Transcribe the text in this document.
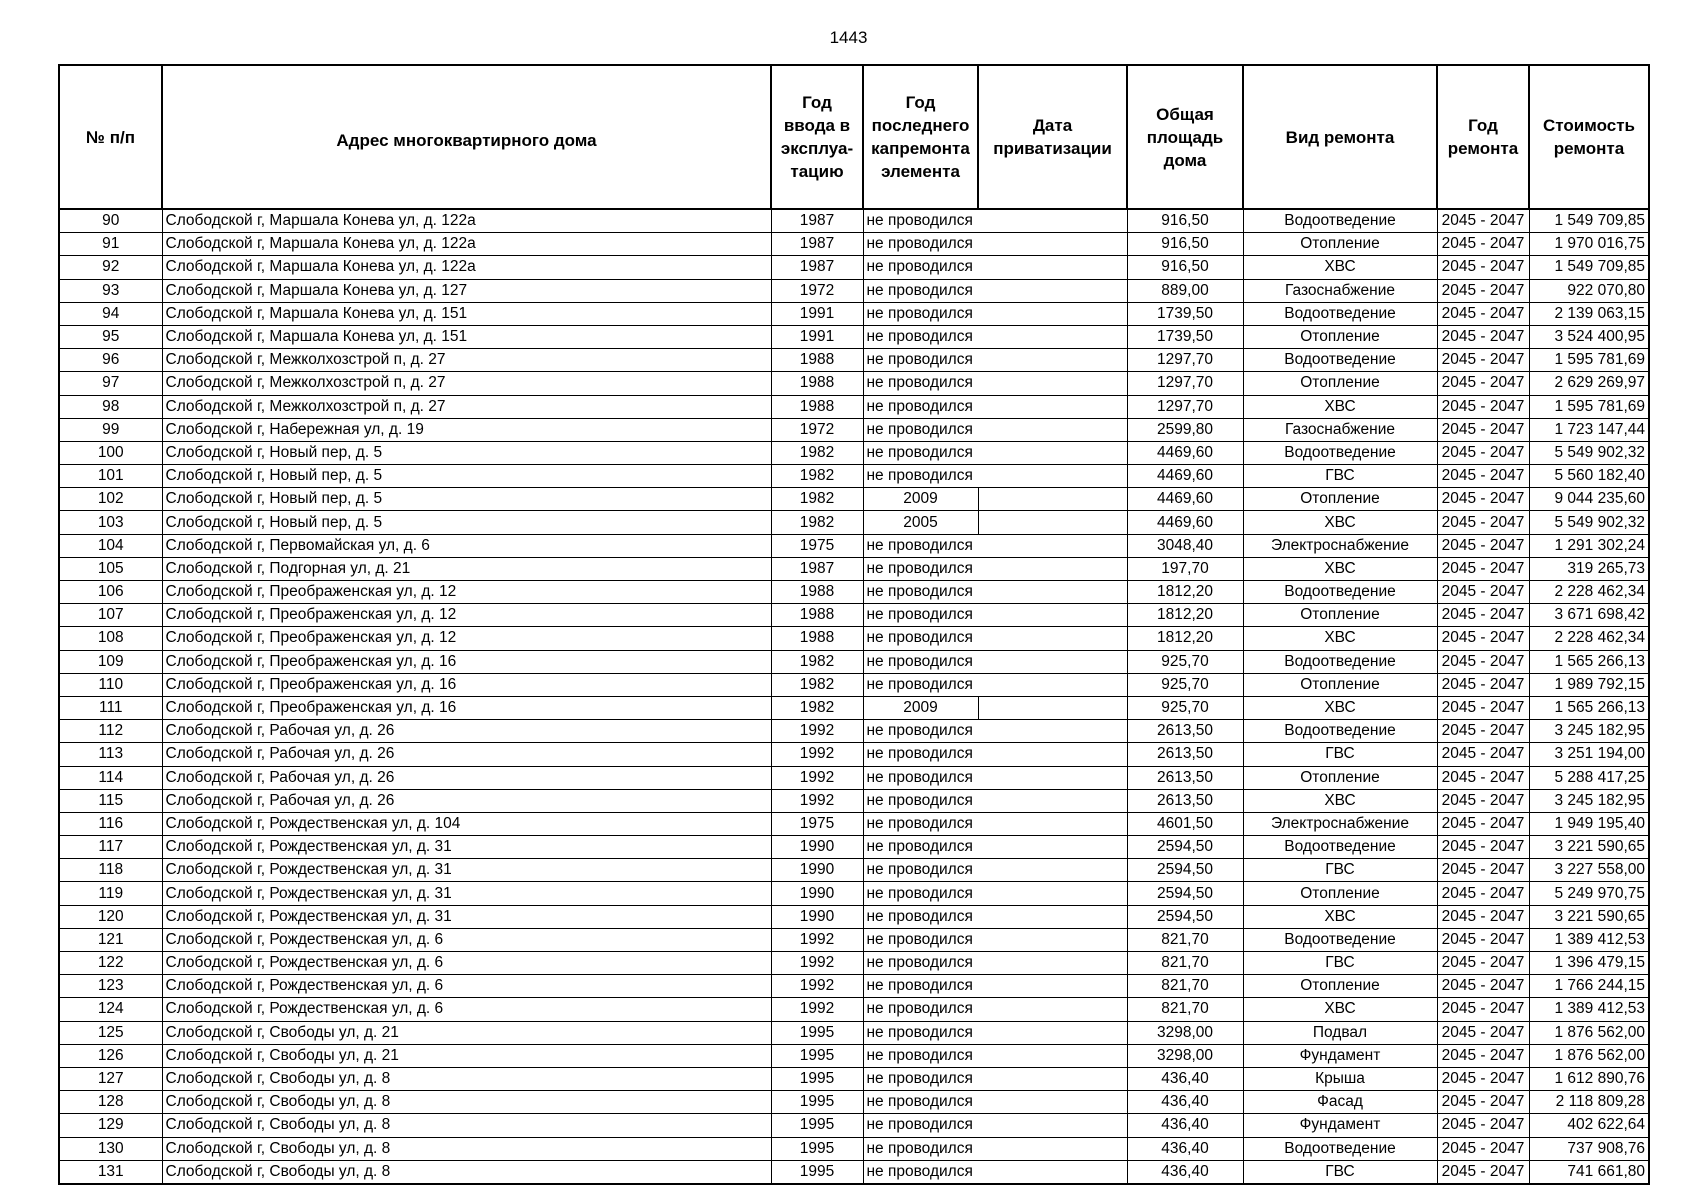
1443
№ п/п	Адрес многоквартирного дома	Год ввода в эксплуа-тацию	Год последнего капремонта элемента	Дата приватизации	Общая площадь дома	Вид ремонта	Год ремонта	Стоимость ремонта
90	Слободской г, Маршала Конева ул, д. 122а	1987	не проводился		916,50	Водоотведение	2045 - 2047	1 549 709,85
91	Слободской г, Маршала Конева ул, д. 122а	1987	не проводился		916,50	Отопление	2045 - 2047	1 970 016,75
92	Слободской г, Маршала Конева ул, д. 122а	1987	не проводился		916,50	ХВС	2045 - 2047	1 549 709,85
93	Слободской г, Маршала Конева ул, д. 127	1972	не проводился		889,00	Газоснабжение	2045 - 2047	922 070,80
94	Слободской г, Маршала Конева ул, д. 151	1991	не проводился		1739,50	Водоотведение	2045 - 2047	2 139 063,15
95	Слободской г, Маршала Конева ул, д. 151	1991	не проводился		1739,50	Отопление	2045 - 2047	3 524 400,95
96	Слободской г, Межколхозстрой п, д. 27	1988	не проводился		1297,70	Водоотведение	2045 - 2047	1 595 781,69
97	Слободской г, Межколхозстрой п, д. 27	1988	не проводился		1297,70	Отопление	2045 - 2047	2 629 269,97
98	Слободской г, Межколхозстрой п, д. 27	1988	не проводился		1297,70	ХВС	2045 - 2047	1 595 781,69
99	Слободской г, Набережная ул, д. 19	1972	не проводился		2599,80	Газоснабжение	2045 - 2047	1 723 147,44
100	Слободской г, Новый пер, д. 5	1982	не проводился		4469,60	Водоотведение	2045 - 2047	5 549 902,32
101	Слободской г, Новый пер, д. 5	1982	не проводился		4469,60	ГВС	2045 - 2047	5 560 182,40
102	Слободской г, Новый пер, д. 5	1982	2009		4469,60	Отопление	2045 - 2047	9 044 235,60
103	Слободской г, Новый пер, д. 5	1982	2005		4469,60	ХВС	2045 - 2047	5 549 902,32
104	Слободской г, Первомайская ул, д. 6	1975	не проводился		3048,40	Электроснабжение	2045 - 2047	1 291 302,24
105	Слободской г, Подгорная ул, д. 21	1987	не проводился		197,70	ХВС	2045 - 2047	319 265,73
106	Слободской г, Преображенская ул, д. 12	1988	не проводился		1812,20	Водоотведение	2045 - 2047	2 228 462,34
107	Слободской г, Преображенская ул, д. 12	1988	не проводился		1812,20	Отопление	2045 - 2047	3 671 698,42
108	Слободской г, Преображенская ул, д. 12	1988	не проводился		1812,20	ХВС	2045 - 2047	2 228 462,34
109	Слободской г, Преображенская ул, д. 16	1982	не проводился		925,70	Водоотведение	2045 - 2047	1 565 266,13
110	Слободской г, Преображенская ул, д. 16	1982	не проводился		925,70	Отопление	2045 - 2047	1 989 792,15
111	Слободской г, Преображенская ул, д. 16	1982	2009		925,70	ХВС	2045 - 2047	1 565 266,13
112	Слободской г, Рабочая ул, д. 26	1992	не проводился		2613,50	Водоотведение	2045 - 2047	3 245 182,95
113	Слободской г, Рабочая ул, д. 26	1992	не проводился		2613,50	ГВС	2045 - 2047	3 251 194,00
114	Слободской г, Рабочая ул, д. 26	1992	не проводился		2613,50	Отопление	2045 - 2047	5 288 417,25
115	Слободской г, Рабочая ул, д. 26	1992	не проводился		2613,50	ХВС	2045 - 2047	3 245 182,95
116	Слободской г, Рождественская ул, д. 104	1975	не проводился		4601,50	Электроснабжение	2045 - 2047	1 949 195,40
117	Слободской г, Рождественская ул, д. 31	1990	не проводился		2594,50	Водоотведение	2045 - 2047	3 221 590,65
118	Слободской г, Рождественская ул, д. 31	1990	не проводился		2594,50	ГВС	2045 - 2047	3 227 558,00
119	Слободской г, Рождественская ул, д. 31	1990	не проводился		2594,50	Отопление	2045 - 2047	5 249 970,75
120	Слободской г, Рождественская ул, д. 31	1990	не проводился		2594,50	ХВС	2045 - 2047	3 221 590,65
121	Слободской г, Рождественская ул, д. 6	1992	не проводился		821,70	Водоотведение	2045 - 2047	1 389 412,53
122	Слободской г, Рождественская ул, д. 6	1992	не проводился		821,70	ГВС	2045 - 2047	1 396 479,15
123	Слободской г, Рождественская ул, д. 6	1992	не проводился		821,70	Отопление	2045 - 2047	1 766 244,15
124	Слободской г, Рождественская ул, д. 6	1992	не проводился		821,70	ХВС	2045 - 2047	1 389 412,53
125	Слободской г, Свободы ул, д. 21	1995	не проводился		3298,00	Подвал	2045 - 2047	1 876 562,00
126	Слободской г, Свободы ул, д. 21	1995	не проводился		3298,00	Фундамент	2045 - 2047	1 876 562,00
127	Слободской г, Свободы ул, д. 8	1995	не проводился		436,40	Крыша	2045 - 2047	1 612 890,76
128	Слободской г, Свободы ул, д. 8	1995	не проводился		436,40	Фасад	2045 - 2047	2 118 809,28
129	Слободской г, Свободы ул, д. 8	1995	не проводился		436,40	Фундамент	2045 - 2047	402 622,64
130	Слободской г, Свободы ул, д. 8	1995	не проводился		436,40	Водоотведение	2045 - 2047	737 908,76
131	Слободской г, Свободы ул, д. 8	1995	не проводился		436,40	ГВС	2045 - 2047	741 661,80
